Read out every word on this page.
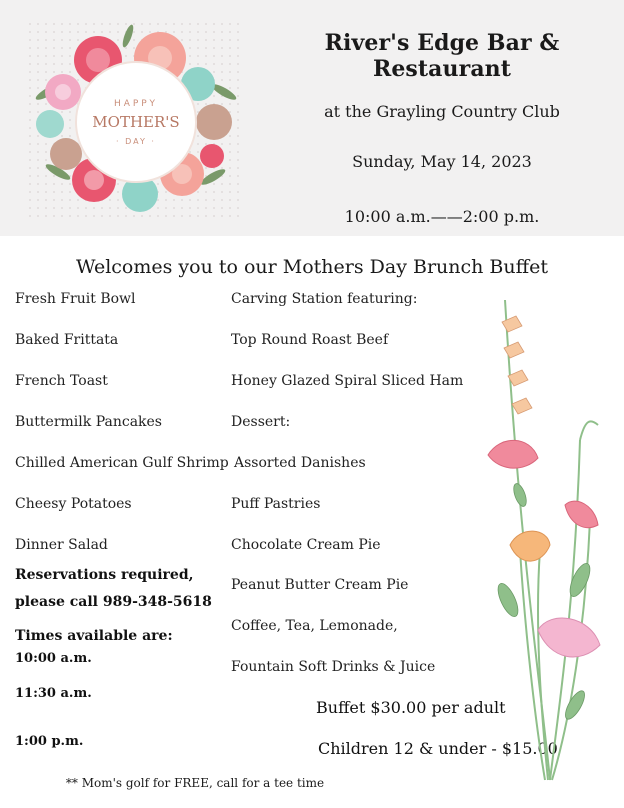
HAPPY
MOTHER'S
· DAY ·
River's Edge Bar & Restaurant
at the Grayling Country Club
Sunday, May 14, 2023
10:00 a.m.——2:00 p.m.
Welcomes you to our Mothers Day Brunch Buffet
Fresh Fruit Bowl
Baked Frittata
French Toast
Buttermilk Pancakes
Chilled American Gulf Shrimp
Cheesy Potatoes
Dinner Salad
Carving Station featuring:
Top Round Roast Beef
Honey Glazed Spiral Sliced Ham
Dessert:
Assorted Danishes
Puff Pastries
Chocolate Cream Pie
Peanut Butter Cream Pie
Coffee, Tea, Lemonade,
Fountain Soft Drinks & Juice
Reservations required,
please call 989-348-5618
Times available are:
10:00 a.m.
11:30 a.m.
1:00 p.m.
Buffet $30.00 per adult
Children 12 & under - $15.00
** Mom's golf for FREE, call for a tee time
